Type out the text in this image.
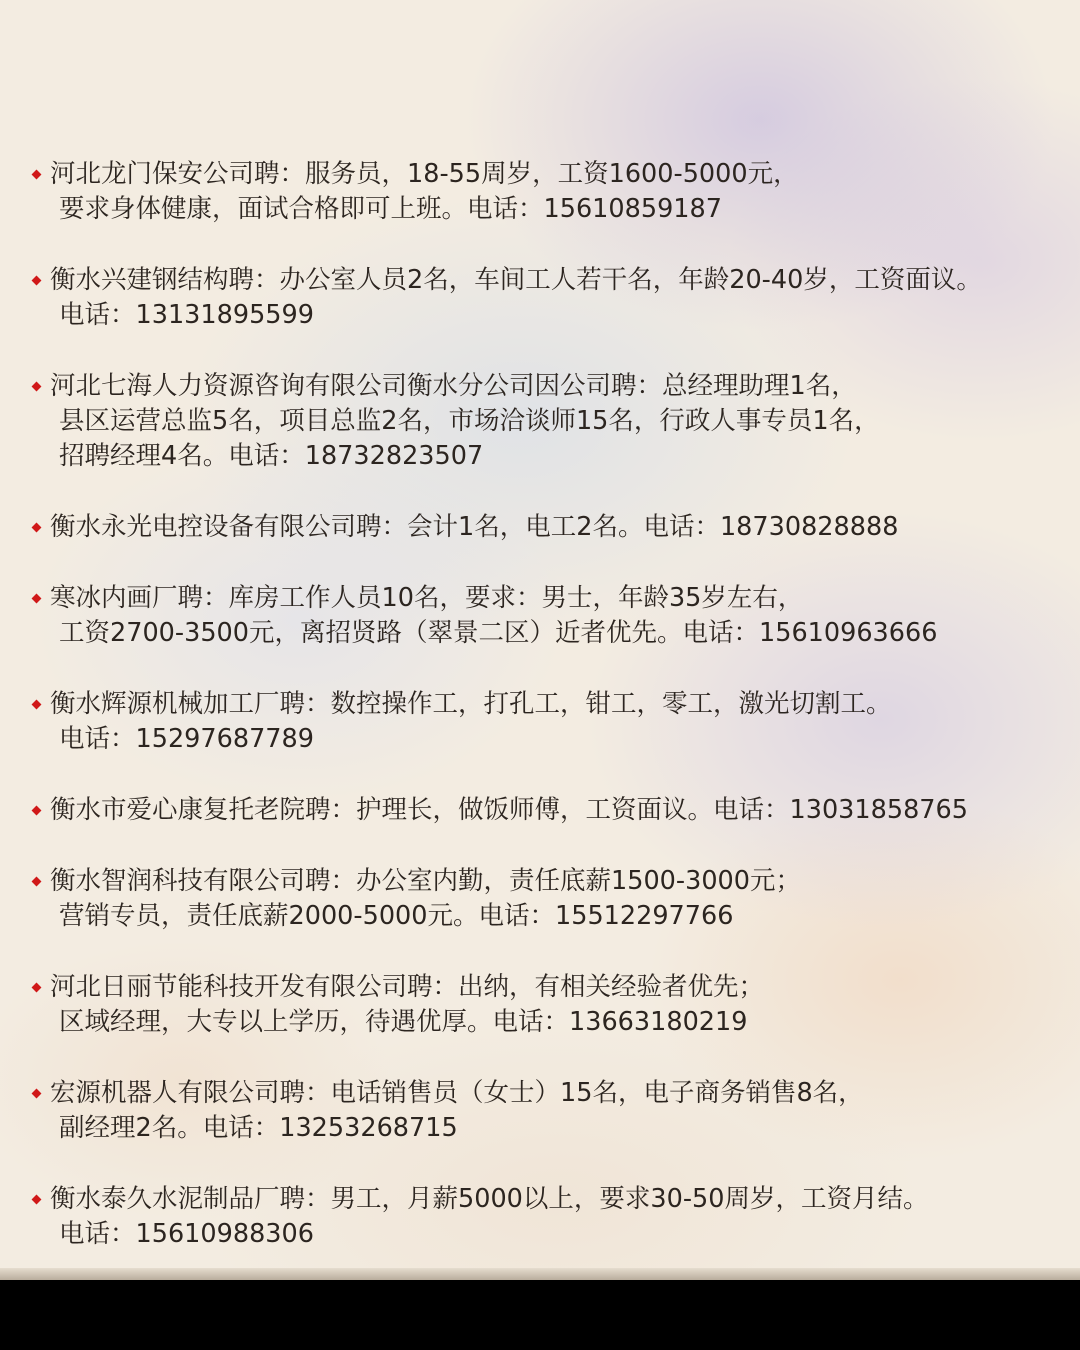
河北龙门保安公司聘：服务员，18-55周岁，工资1600-5000元，
要求身体健康，面试合格即可上班。电话：15610859187
衡水兴建钢结构聘：办公室人员2名，车间工人若干名，年龄20-40岁，工资面议。
电话：13131895599
河北七海人力资源咨询有限公司衡水分公司因公司聘：总经理助理1名，
县区运营总监5名，项目总监2名，市场洽谈师15名，行政人事专员1名，
招聘经理4名。电话：18732823507
衡水永光电控设备有限公司聘：会计1名，电工2名。电话：18730828888
寒冰内画厂聘：库房工作人员10名，要求：男士，年龄35岁左右，
工资2700-3500元，离招贤路（翠景二区）近者优先。电话：15610963666
衡水辉源机械加工厂聘：数控操作工，打孔工，钳工，零工，激光切割工。
电话：15297687789
衡水市爱心康复托老院聘：护理长，做饭师傅，工资面议。电话：13031858765
衡水智润科技有限公司聘：办公室内勤，责任底薪1500-3000元；
营销专员，责任底薪2000-5000元。电话：15512297766
河北日丽节能科技开发有限公司聘：出纳，有相关经验者优先；
区域经理，大专以上学历，待遇优厚。电话：13663180219
宏源机器人有限公司聘：电话销售员（女士）15名，电子商务销售8名，
副经理2名。电话：13253268715
衡水泰久水泥制品厂聘：男工，月薪5000以上，要求30-50周岁，工资月结。
电话：15610988306
